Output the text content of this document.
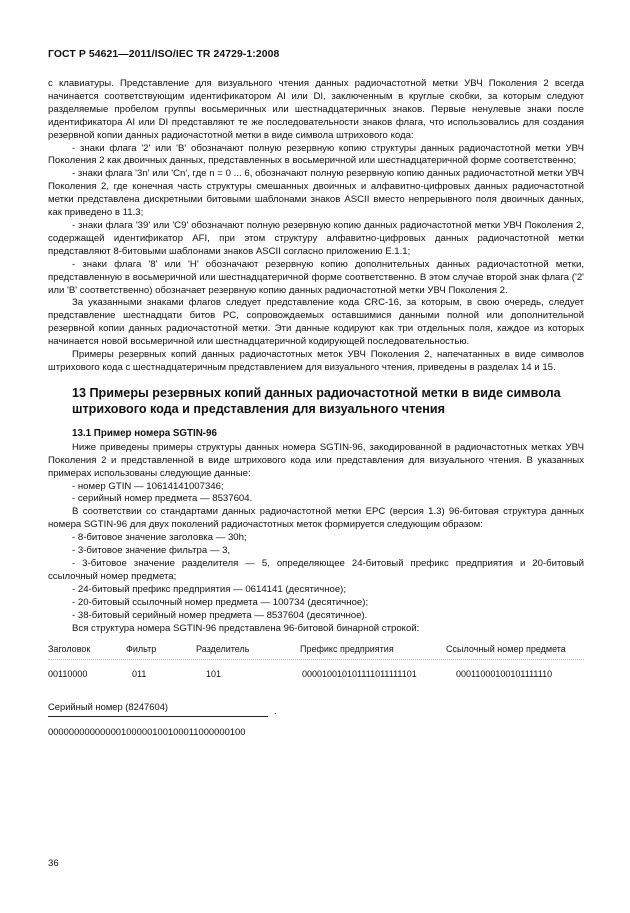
ГОСТ Р 54621—2011/ISO/IEC TR 24729-1:2008

с клавиатуры. Представление для визуального чтения данных радиочастотной метки УВЧ Поколения 2 всегда начинается соответствующим идентификатором AI или DI, заключенным в круглые скобки, за которым следуют разделяемые пробелом группы восьмеричных или шестнадцатеричных знаков. Первые ненулевые знаки после идентификатора AI или DI представляют те же последовательности знаков флага, что использовались для создания резервной копии данных радиочастотной метки в виде символа штрихового кода:

- знаки флага '2' или 'B' обозначают полную резервную копию структуры данных радиочастотной метки УВЧ Поколения 2 как двоичных данных, представленных в восьмеричной или шестнадцатеричной форме соответственно;

- знаки флага '3n' или 'Cn', где n = 0 ... 6, обозначают полную резервную копию данных радиочастотной метки УВЧ Поколения 2, где конечная часть структуры смешанных двоичных и алфавитно-цифровых данных радиочастотной метки представлена дискретными битовыми шаблонами знаков ASCII вместо непрерывного поля двоичных данных, как приведено в 11.3;

- знаки флага '39' или 'C9' обозначают полную резервную копию данных радиочастотной метки УВЧ Поколения 2, содержащей идентификатор AFI, при этом структуру алфавитно-цифровых данных радиочастотной метки представляют 8-битовыми шаблонами знаков ASCII согласно приложению Е.1.1;

- знаки флага '8' или 'H' обозначают резервную копию дополнительных данных радиочастотной метки, представленную в восьмеричной или шестнадцатеричной форме соответственно. В этом случае второй знак флага ('2' или 'B' соответственно) обозначает резервную копию данных радиочастотной метки УВЧ Поколения 2.

За указанными знаками флагов следует представление кода CRC-16, за которым, в свою очередь, следует представление шестнадцати битов PC, сопровождаемых оставшимися данными полной или дополнительной резервной копии данных радиочастотной метки. Эти данные кодируют как три отдельных поля, каждое из которых начинается новой восьмеричной или шестнадцатеричной кодирующей последовательностью.

Примеры резервных копий данных радиочастотных меток УВЧ Поколения 2, напечатанных в виде символов штрихового кода с шестнадцатеричным представлением для визуального чтения, приведены в разделах 14 и 15.

13 Примеры резервных копий данных радиочастотной метки в виде символа штрихового кода и представления для визуального чтения
13.1 Пример номера SGTIN-96

Ниже приведены примеры структуры данных номера SGTIN-96, закодированной в радиочастотных метках УВЧ Поколения 2 и представленной в виде штрихового кода или представления для визуального чтения. В указанных примерах использованы следующие данные:

- номер GTIN — 10614141007346;

- серийный номер предмета — 8537604.

В соответствии со стандартами данных радиочастотной метки EPC (версия 1.3) 96-битовая структура данных номера SGTIN-96 для двух поколений радиочастотных меток формируется следующим образом:

- 8-битовое значение заголовка — 30h;

- 3-битовое значение фильтра — 3,

- 3-битовое значение разделителя — 5, определяющее 24-битовый префикс предприятия и 20-битовый ссылочный номер предмета;

- 24-битовый префикс предприятия — 0614141 (десятичное);

- 20-битовый ссылочный номер предмета — 100734 (десятичное);

- 38-битовый серийный номер предмета — 8537604 (десятичное).

Вся структура номера SGTIN-96 представлена 96-битовой бинарной строкой:

Заголовок	Фильтр	Разделитель	Префикс предприятия	Ссылочный номер предмета
00110000	011	101	000010010101111011111101	00011000100101111110
Серийный номер (8247604)	.
00000000000000100000100100011000000100
36
